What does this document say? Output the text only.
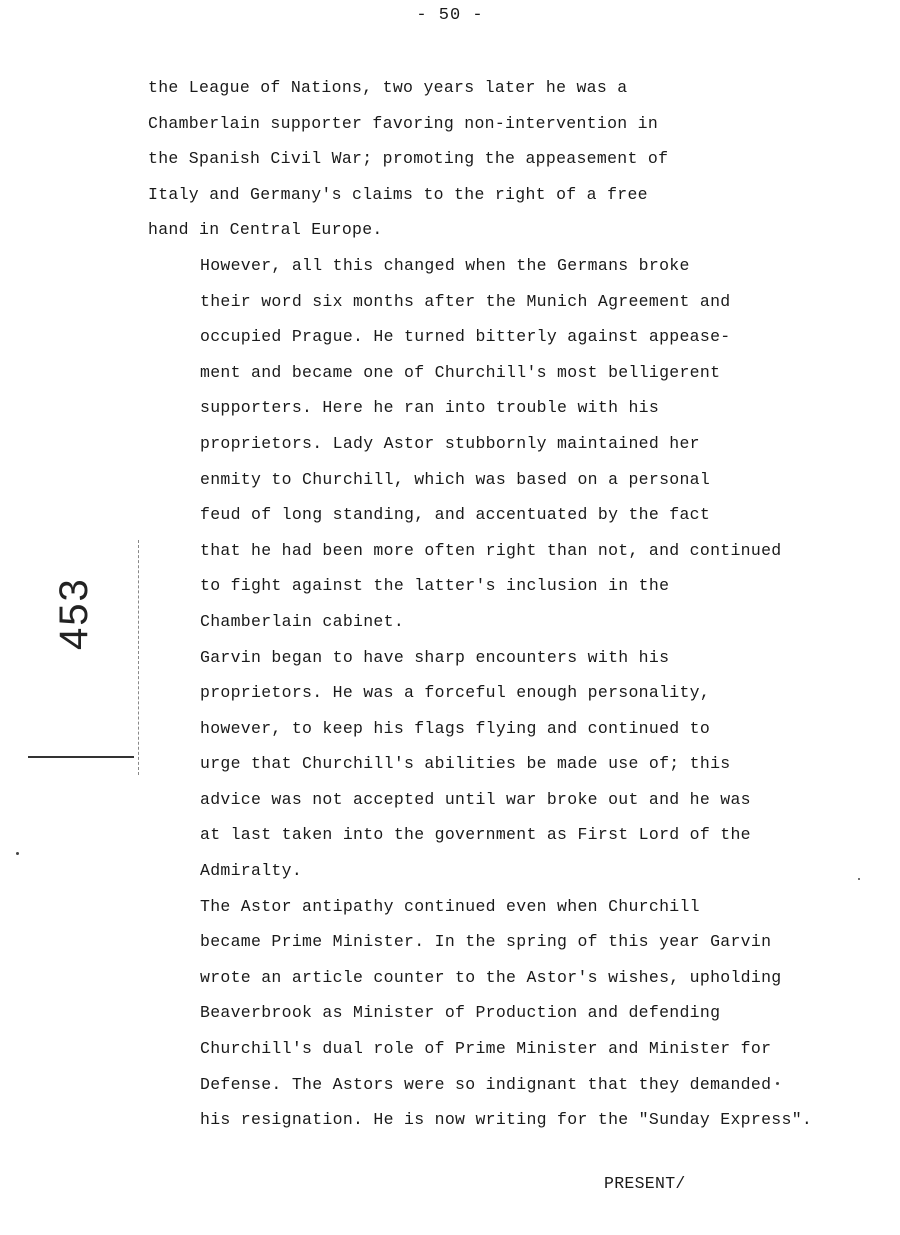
- 50 -
453

the League of Nations, two years later he was a
Chamberlain supporter favoring non-intervention in
the Spanish Civil War; promoting the appeasement of
Italy and Germany's claims to the right of a free
hand in Central Europe.

However, all this changed when the Germans broke
their word six months after the Munich Agreement and
occupied Prague. He turned bitterly against appease-
ment and became one of Churchill's most belligerent
supporters. Here he ran into trouble with his
proprietors. Lady Astor stubbornly maintained her
enmity to Churchill, which was based on a personal
feud of long standing, and accentuated by the fact
that he had been more often right than not, and continued
to fight against the latter's inclusion in the
Chamberlain cabinet.

Garvin began to have sharp encounters with his
proprietors. He was a forceful enough personality,
however, to keep his flags flying and continued to
urge that Churchill's abilities be made use of; this
advice was not accepted until war broke out and he was
at last taken into the government as First Lord of the
Admiralty.

The Astor antipathy continued even when Churchill
became Prime Minister. In the spring of this year Garvin
wrote an article counter to the Astor's wishes, upholding
Beaverbrook as Minister of Production and defending
Churchill's dual role of Prime Minister and Minister for
Defense. The Astors were so indignant that they demanded
his resignation. He is now writing for the "Sunday Express".

PRESENT/
